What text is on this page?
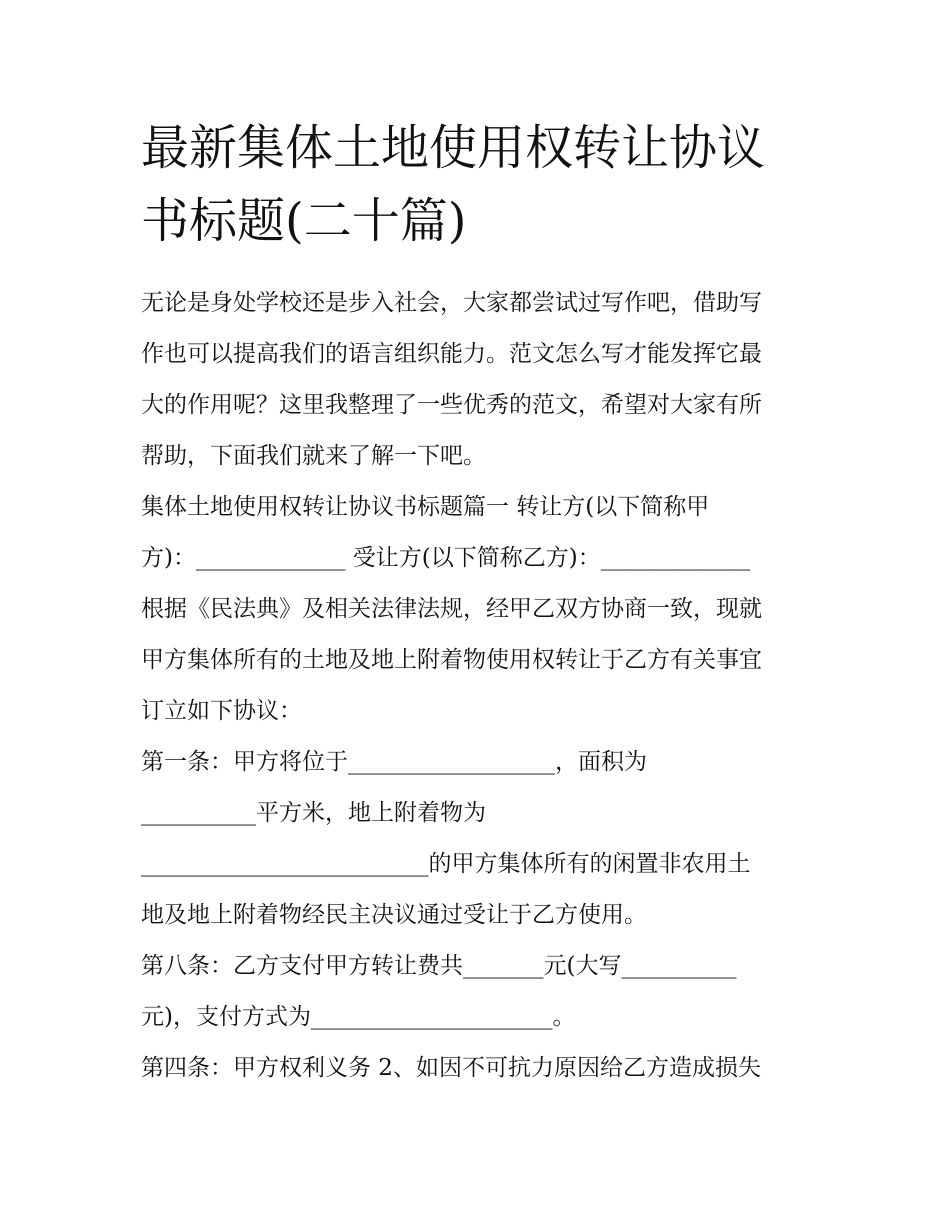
最新集体土地使用权转让协议
书标题(二十篇)
无论是身处学校还是步入社会，大家都尝试过写作吧，借助写
作也可以提高我们的语言组织能力。范文怎么写才能发挥它最
大的作用呢？这里我整理了一些优秀的范文，希望对大家有所
帮助，下面我们就来了解一下吧。
集体土地使用权转让协议书标题篇一 转让方(以下简称甲
方)：_____________ 受让方(以下简称乙方)：_____________
根据《民法典》及相关法律法规，经甲乙双方协商一致，现就
甲方集体所有的土地及地上附着物使用权转让于乙方有关事宜
订立如下协议：
第一条：甲方将位于__________________，面积为
__________平方米，地上附着物为
_________________________的甲方集体所有的闲置非农用土
地及地上附着物经民主决议通过受让于乙方使用。
第八条：乙方支付甲方转让费共_______元(大写__________
元)，支付方式为_____________________。
第四条：甲方权利义务 2、如因不可抗力原因给乙方造成损失
